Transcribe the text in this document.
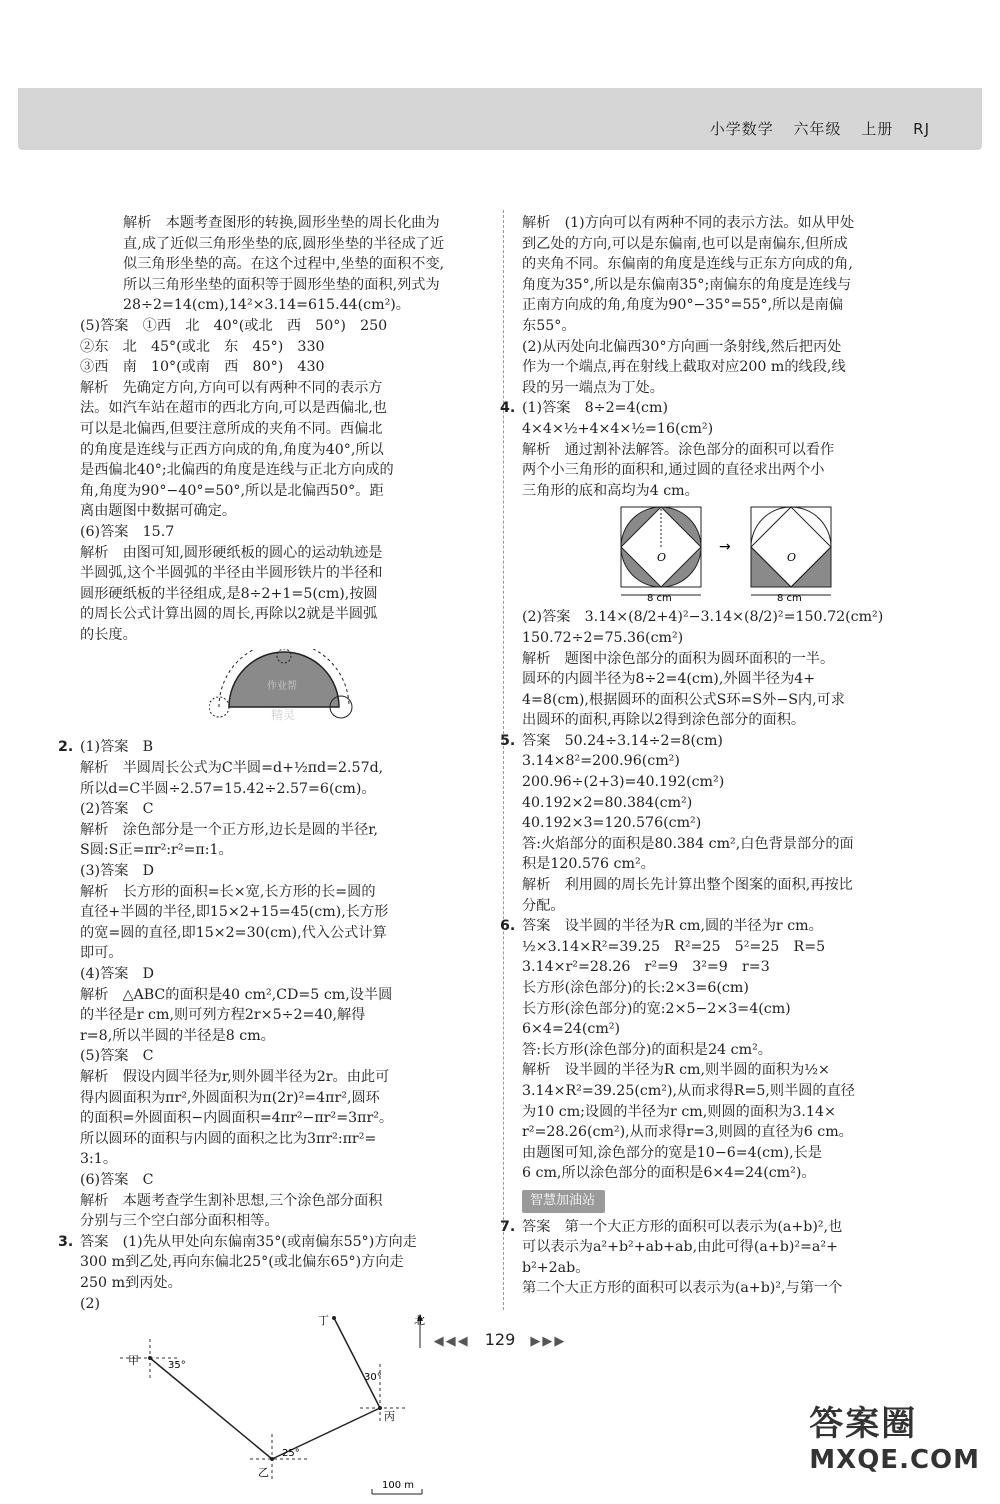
小学数学 六年级 上册 RJ

解析　本题考查图形的转换,圆形坐垫的周长化曲为

直,成了近似三角形坐垫的底,圆形坐垫的半径成了近

似三角形坐垫的高。在这个过程中,坐垫的面积不变,

所以三角形坐垫的面积等于圆形坐垫的面积,列式为

28÷2=14(cm),14²×3.14=615.44(cm²)。

(5)答案　①西　北　40°(或北　西　50°)　250

②东　北　45°(或北　东　45°)　330

③西　南　10°(或南　西　80°)　430

解析　先确定方向,方向可以有两种不同的表示方

法。如汽车站在超市的西北方向,可以是西偏北,也

可以是北偏西,但要注意所成的夹角不同。西偏北

的角度是连线与正西方向成的角,角度为40°,所以

是西偏北40°;北偏西的角度是连线与正北方向成的

角,角度为90°−40°=50°,所以是北偏西50°。距

离由题图中数据可确定。

(6)答案　15.7

解析　由图可知,圆形硬纸板的圆心的运动轨迹是

半圆弧,这个半圆弧的半径由半圆形铁片的半径和

圆形硬纸板的半径组成,是8÷2+1=5(cm),按圆

的周长公式计算出圆的周长,再除以2就是半圆弧

的长度。

作业帮
精灵

2. (1)答案　B

解析　半圆周长公式为C半圆=d+½πd=2.57d,

所以d=C半圆÷2.57=15.42÷2.57=6(cm)。

(2)答案　C

解析　涂色部分是一个正方形,边长是圆的半径r,

S圆:S正=πr²:r²=π:1。

(3)答案　D

解析　长方形的面积=长×宽,长方形的长=圆的

直径+半圆的半径,即15×2+15=45(cm),长方形

的宽=圆的直径,即15×2=30(cm),代入公式计算

即可。

(4)答案　D

解析　△ABC的面积是40 cm²,CD=5 cm,设半圆

的半径是r cm,则可列方程2r×5÷2=40,解得

r=8,所以半圆的半径是8 cm。

(5)答案　C

解析　假设内圆半径为r,则外圆半径为2r。由此可

得内圆面积为πr²,外圆面积为π(2r)²=4πr²,圆环

的面积=外圆面积−内圆面积=4πr²−πr²=3πr²。

所以圆环的面积与内圆的面积之比为3πr²:πr²=

3:1。

(6)答案　C

解析　本题考查学生割补思想,三个涂色部分面积

分别与三个空白部分面积相等。

3. 答案　(1)先从甲处向东偏南35°(或南偏东55°)方向走

300 m到乙处,再向东偏北25°(或北偏东65°)方向走

250 m到丙处。

(2)

北
甲
乙
丙
丁
35°
25°
30°
100 m

解析　(1)方向可以有两种不同的表示方法。如从甲处

到乙处的方向,可以是东偏南,也可以是南偏东,但所成

的夹角不同。东偏南的角度是连线与正东方向成的角,

角度为35°,所以是东偏南35°;南偏东的角度是连线与

正南方向成的角,角度为90°−35°=55°,所以是南偏

东55°。

(2)从丙处向北偏西30°方向画一条射线,然后把丙处

作为一个端点,再在射线上截取对应200 m的线段,线

段的另一端点为丁处。

4. (1)答案　8÷2=4(cm)

4×4×½+4×4×½=16(cm²)

解析　通过割补法解答。涂色部分的面积可以看作

两个小三角形的面积和,通过圆的直径求出两个小

三角形的底和高均为4 cm。

O
8 cm
→
O
8 cm

(2)答案　3.14×(8/2+4)²−3.14×(8/2)²=150.72(cm²)

150.72÷2=75.36(cm²)

解析　题图中涂色部分的面积为圆环面积的一半。

圆环的内圆半径为8÷2=4(cm),外圆半径为4+

4=8(cm),根据圆环的面积公式S环=S外−S内,可求

出圆环的面积,再除以2得到涂色部分的面积。

5. 答案　50.24÷3.14÷2=8(cm)

3.14×8²=200.96(cm²)

200.96÷(2+3)=40.192(cm²)

40.192×2=80.384(cm²)

40.192×3=120.576(cm²)

答:火焰部分的面积是80.384 cm²,白色背景部分的面

积是120.576 cm²。

解析　利用圆的周长先计算出整个图案的面积,再按比

分配。

6. 答案　设半圆的半径为R cm,圆的半径为r cm。

½×3.14×R²=39.25　R²=25　5²=25　R=5

3.14×r²=28.26　r²=9　3²=9　r=3

长方形(涂色部分)的长:2×3=6(cm)

长方形(涂色部分)的宽:2×5−2×3=4(cm)

6×4=24(cm²)

答:长方形(涂色部分)的面积是24 cm²。

解析　设半圆的半径为R cm,则半圆的面积为½×

3.14×R²=39.25(cm²),从而求得R=5,则半圆的直径

为10 cm;设圆的半径为r cm,则圆的面积为3.14×

r²=28.26(cm²),从而求得r=3,则圆的直径为6 cm。

由题图可知,涂色部分的宽是10−6=4(cm),长是

6 cm,所以涂色部分的面积是6×4=24(cm²)。

智慧加油站

7. 答案　第一个大正方形的面积可以表示为(a+b)²,也

可以表示为a²+b²+ab+ab,由此可得(a+b)²=a²+

b²+2ab。

第二个大正方形的面积可以表示为(a+b)²,与第一个

◀◀◀ 129 ▶▶▶
答案圈
MXQE.COM
